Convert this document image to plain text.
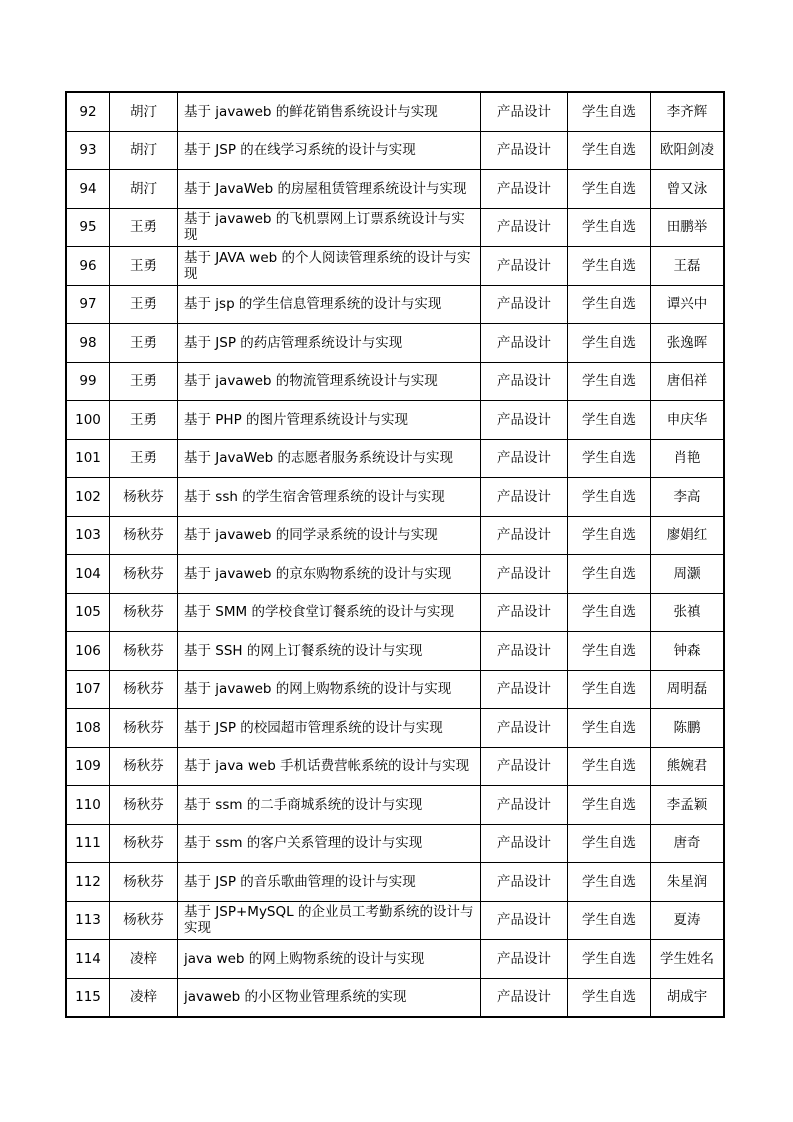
92	胡汀	基于 javaweb 的鲜花销售系统设计与实现	产品设计	学生自选	李齐辉
93	胡汀	基于 JSP 的在线学习系统的设计与实现	产品设计	学生自选	欧阳剑凌
94	胡汀	基于 JavaWeb 的房屋租赁管理系统设计与实现	产品设计	学生自选	曾又泳
95	王勇	基于 javaweb 的飞机票网上订票系统设计与实现	产品设计	学生自选	田鹏举
96	王勇	基于 JAVA web 的个人阅读管理系统的设计与实现	产品设计	学生自选	王磊
97	王勇	基于 jsp 的学生信息管理系统的设计与实现	产品设计	学生自选	谭兴中
98	王勇	基于 JSP 的药店管理系统设计与实现	产品设计	学生自选	张逸晖
99	王勇	基于 javaweb 的物流管理系统设计与实现	产品设计	学生自选	唐佀祥
100	王勇	基于 PHP 的图片管理系统设计与实现	产品设计	学生自选	申庆华
101	王勇	基于 JavaWeb 的志愿者服务系统设计与实现	产品设计	学生自选	肖艳
102	杨秋芬	基于 ssh 的学生宿舍管理系统的设计与实现	产品设计	学生自选	李高
103	杨秋芬	基于 javaweb 的同学录系统的设计与实现	产品设计	学生自选	廖娟红
104	杨秋芬	基于 javaweb 的京东购物系统的设计与实现	产品设计	学生自选	周灏
105	杨秋芬	基于 SMM 的学校食堂订餐系统的设计与实现	产品设计	学生自选	张禛
106	杨秋芬	基于 SSH 的网上订餐系统的设计与实现	产品设计	学生自选	钟森
107	杨秋芬	基于 javaweb 的网上购物系统的设计与实现	产品设计	学生自选	周明磊
108	杨秋芬	基于 JSP 的校园超市管理系统的设计与实现	产品设计	学生自选	陈鹏
109	杨秋芬	基于 java web 手机话费营帐系统的设计与实现	产品设计	学生自选	熊婉君
110	杨秋芬	基于 ssm 的二手商城系统的设计与实现	产品设计	学生自选	李孟颖
111	杨秋芬	基于 ssm 的客户关系管理的设计与实现	产品设计	学生自选	唐奇
112	杨秋芬	基于 JSP 的音乐歌曲管理的设计与实现	产品设计	学生自选	朱星润
113	杨秋芬	基于 JSP+MySQL 的企业员工考勤系统的设计与实现	产品设计	学生自选	夏涛
114	凌梓	java web 的网上购物系统的设计与实现	产品设计	学生自选	学生姓名
115	凌梓	javaweb 的小区物业管理系统的实现	产品设计	学生自选	胡成宇
